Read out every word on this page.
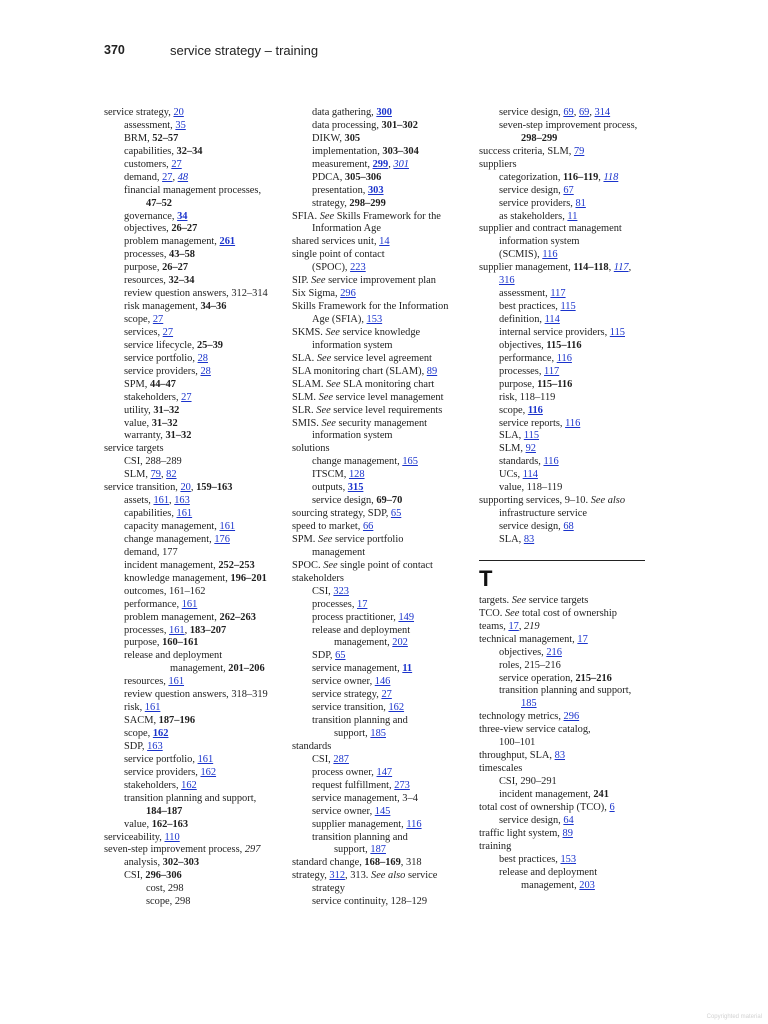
370	service strategy – training
service strategy, 20
assessment, 35
BRM, 52–57
capabilities, 32–34
customers, 27
demand, 27, 48
financial management processes,
47–52
governance, 34
objectives, 26–27
problem management, 261
processes, 43–58
purpose, 26–27
resources, 32–34
review question answers, 312–314
risk management, 34–36
scope, 27
services, 27
service lifecycle, 25–39
service portfolio, 28
service providers, 28
SPM, 44–47
stakeholders, 27
utility, 31–32
value, 31–32
warranty, 31–32
service targets
CSI, 288–289
SLM, 79, 82
service transition, 20, 159–163
assets, 161, 163
capabilities, 161
capacity management, 161
change management, 176
demand, 177
incident management, 252–253
knowledge management, 196–201
outcomes, 161–162
performance, 161
problem management, 262–263
processes, 161, 183–207
purpose, 160–161
release and deployment
management, 201–206
resources, 161
review question answers, 318–319
risk, 161
SACM, 187–196
scope, 162
SDP, 163
service portfolio, 161
service providers, 162
stakeholders, 162
transition planning and support,
184–187
value, 162–163
serviceability, 110
seven-step improvement process, 297
analysis, 302–303
CSI, 296–306
cost, 298
scope, 298
data gathering, 300
data processing, 301–302
DIKW, 305
implementation, 303–304
measurement, 299, 301
PDCA, 305–306
presentation, 303
strategy, 298–299
SFIA. See Skills Framework for the
Information Age
shared services unit, 14
single point of contact
(SPOC), 223
SIP. See service improvement plan
Six Sigma, 296
Skills Framework for the Information
Age (SFIA), 153
SKMS. See service knowledge
information system
SLA. See service level agreement
SLA monitoring chart (SLAM), 89
SLAM. See SLA monitoring chart
SLM. See service level management
SLR. See service level requirements
SMIS. See security management
information system
solutions
change management, 165
ITSCM, 128
outputs, 315
service design, 69–70
sourcing strategy, SDP, 65
speed to market, 66
SPM. See service portfolio
management
SPOC. See single point of contact
stakeholders
CSI, 323
processes, 17
process practitioner, 149
release and deployment
management, 202
SDP, 65
service management, 11
service owner, 146
service strategy, 27
service transition, 162
transition planning and
support, 185
standards
CSI, 287
process owner, 147
request fulfillment, 273
service management, 3–4
service owner, 145
supplier management, 116
transition planning and
support, 187
standard change, 168–169, 318
strategy, 312, 313. See also service
strategy
service continuity, 128–129
service design, 69, 69, 314
seven-step improvement process,
298–299
success criteria, SLM, 79
suppliers
categorization, 116–119, 118
service design, 67
service providers, 81
as stakeholders, 11
supplier and contract management
information system
(SCMIS), 116
supplier management, 114–118, 117,
316
assessment, 117
best practices, 115
definition, 114
internal service providers, 115
objectives, 115–116
performance, 116
processes, 117
purpose, 115–116
risk, 118–119
scope, 116
service reports, 116
SLA, 115
SLM, 92
standards, 116
UCs, 114
value, 118–119
supporting services, 9–10. See also
infrastructure service
service design, 68
SLA, 83
T
targets. See service targets
TCO. See total cost of ownership
teams, 17, 219
technical management, 17
objectives, 216
roles, 215–216
service operation, 215–216
transition planning and support,
185
technology metrics, 296
three-view service catalog,
100–101
throughput, SLA, 83
timescales
CSI, 290–291
incident management, 241
total cost of ownership (TCO), 6
service design, 64
traffic light system, 89
training
best practices, 153
release and deployment
management, 203
Copyrighted material
